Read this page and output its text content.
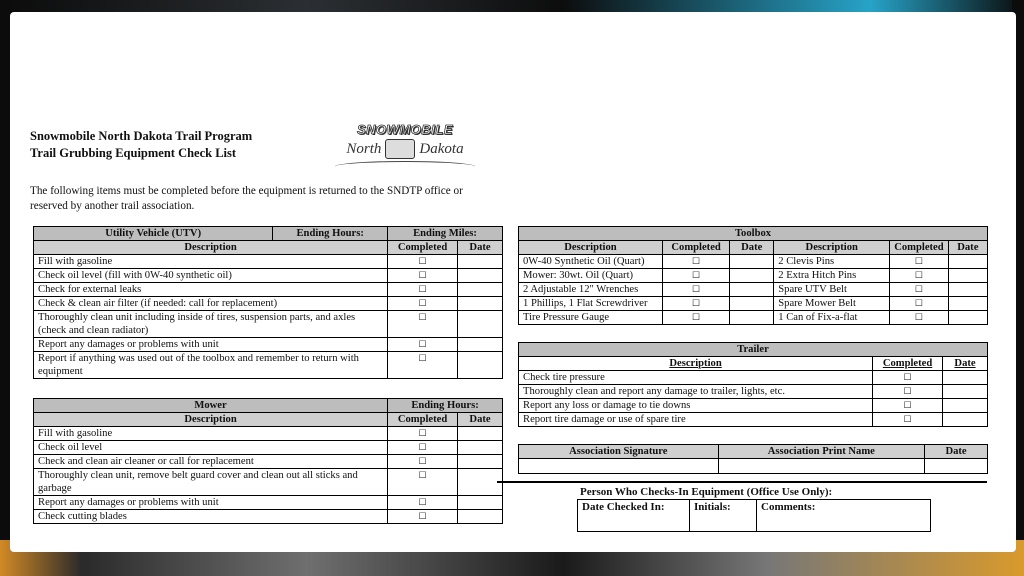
Snowmobile North Dakota Trail Program
Trail Grubbing Equipment Check List
SNOWMOBILE
North	Dakota
The following items must be completed before the equipment is returned to the SNDTP office or reserved by another trail association.
Utility Vehicle (UTV)	Ending Hours:	Ending Miles:	
Description		Completed	Date
Fill with gasoline		☐	
Check oil level (fill with 0W-40 synthetic oil)		☐	
Check for external leaks		☐	
Check & clean air filter (if needed: call for replacement)		☐	
Thoroughly clean unit including inside of tires, suspension parts, and axles (check and clean radiator)		☐	
Report any damages or problems with unit		☐	
Report if anything was used out of the toolbox and remember to return with equipment		☐	
Mower	Ending Hours:	
Description	Completed	Date
Fill with gasoline	☐	
Check oil level	☐	
Check and clean air cleaner or call for replacement	☐	
Thoroughly clean unit, remove belt guard cover and clean out all sticks and garbage	☐	
Report any damages or problems with unit	☐	
Check cutting blades	☐	
Toolbox					
Description	Completed	Date	Description	Completed	Date
0W-40 Synthetic Oil (Quart)	☐		2 Clevis Pins	☐	
Mower: 30wt. Oil (Quart)	☐		2 Extra Hitch Pins	☐	
2 Adjustable 12" Wrenches	☐		Spare UTV Belt	☐	
1 Phillips, 1 Flat Screwdriver	☐		Spare Mower Belt	☐	
Tire Pressure Gauge	☐		1 Can of Fix-a-flat	☐	
Trailer		
Description	Completed	Date
Check tire pressure	☐	
Thoroughly clean and report any damage to trailer, lights, etc.	☐	
Report any loss or damage to tie downs	☐	
Report tire damage or use of spare tire	☐	
Association Signature	Association Print Name	Date

Person Who Checks-In Equipment (Office Use Only):
Date Checked In:	Initials:	Comments:
